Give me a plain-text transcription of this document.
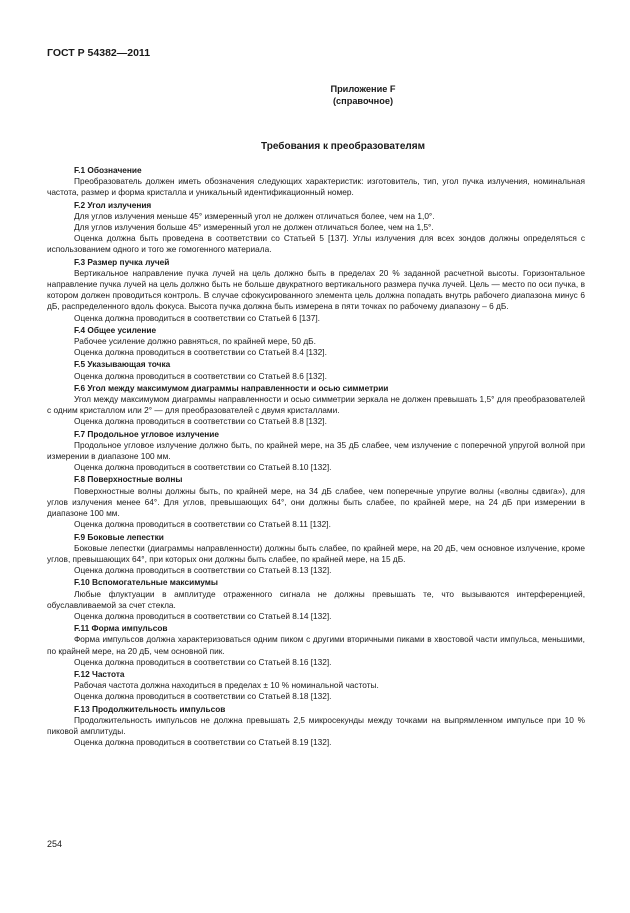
ГОСТ Р 54382—2011
Приложение F
(справочное)
Требования к преобразователям
F.1 Обозначение
Преобразователь должен иметь обозначения следующих характеристик: изготовитель, тип, угол пучка излучения, номинальная частота, размер и форма кристалла и уникальный идентификационный номер.
F.2 Угол излучения
Для углов излучения меньше 45° измеренный угол не должен отличаться более, чем на 1,0°.
Для углов излучения больше 45° измеренный угол не должен отличаться более, чем на 1,5°.
Оценка должна быть проведена в соответствии со Статьей 5 [137]. Углы излучения для всех зондов должны определяться с использованием одного и того же гомогенного материала.
F.3 Размер пучка лучей
Вертикальное направление пучка лучей на цель должно быть в пределах 20 % заданной расчетной высоты. Горизонтальное направление пучка лучей на цель должно быть не больше двукратного вертикального размера пучка лучей. Цель — место по оси пучка, в котором должен проводиться контроль. В случае сфокусированного элемента цель должна попадать внутрь рабочего диапазона минус 6 дБ, распределенного вдоль фокуса. Высота пучка должна быть измерена в пяти точках по рабочему диапазону – 6 дБ.
Оценка должна проводиться в соответствии со Статьей 6 [137].
F.4 Общее усиление
Рабочее усиление должно равняться, по крайней мере, 50 дБ.
Оценка должна проводиться в соответствии со Статьей 8.4 [132].
F.5 Указывающая точка
Оценка должна проводиться в соответствии со Статьей 8.6 [132].
F.6 Угол между максимумом диаграммы направленности и осью симметрии
Угол между максимумом диаграммы направленности и осью симметрии зеркала не должен превышать 1,5° для преобразователей с одним кристаллом или 2° — для преобразователей с двумя кристаллами.
Оценка должна проводиться в соответствии со Статьей 8.8 [132].
F.7 Продольное угловое излучение
Продольное угловое излучение должно быть, по крайней мере, на 35 дБ слабее, чем излучение с поперечной упругой волной при измерении в диапазоне 100 мм.
Оценка должна проводиться в соответствии со Статьей 8.10 [132].
F.8 Поверхностные волны
Поверхностные волны должны быть, по крайней мере, на 34 дБ слабее, чем поперечные упругие волны («волны сдвига»), для углов излучения менее 64°. Для углов, превышающих 64°, они должны быть слабее, по крайней мере, на 24 дБ при измерении в диапазоне 100 мм.
Оценка должна проводиться в соответствии со Статьей 8.11 [132].
F.9 Боковые лепестки
Боковые лепестки (диаграммы направленности) должны быть слабее, по крайней мере, на 20 дБ, чем основное излучение, кроме углов, превышающих 64°, при которых они должны быть слабее, по крайней мере, на 15 дБ.
Оценка должна проводиться в соответствии со Статьей 8.13 [132].
F.10 Вспомогательные максимумы
Любые флуктуации в амплитуде отраженного сигнала не должны превышать те, что вызываются интерференцией, обуславливаемой за счет стекла.
Оценка должна проводиться в соответствии со Статьей 8.14 [132].
F.11 Форма импульсов
Форма импульсов должна характеризоваться одним пиком с другими вторичными пиками в хвостовой части импульса, меньшими, по крайней мере, на 20 дБ, чем основной пик.
Оценка должна проводиться в соответствии со Статьей 8.16 [132].
F.12 Частота
Рабочая частота должна находиться в пределах ± 10 % номинальной частоты.
Оценка должна проводиться в соответствии со Статьей 8.18 [132].
F.13 Продолжительность импульсов
Продолжительность импульсов не должна превышать 2,5 микросекунды между точками на выпрямленном импульсе при 10 % пиковой амплитуды.
Оценка должна проводиться в соответствии со Статьей 8.19 [132].
254
